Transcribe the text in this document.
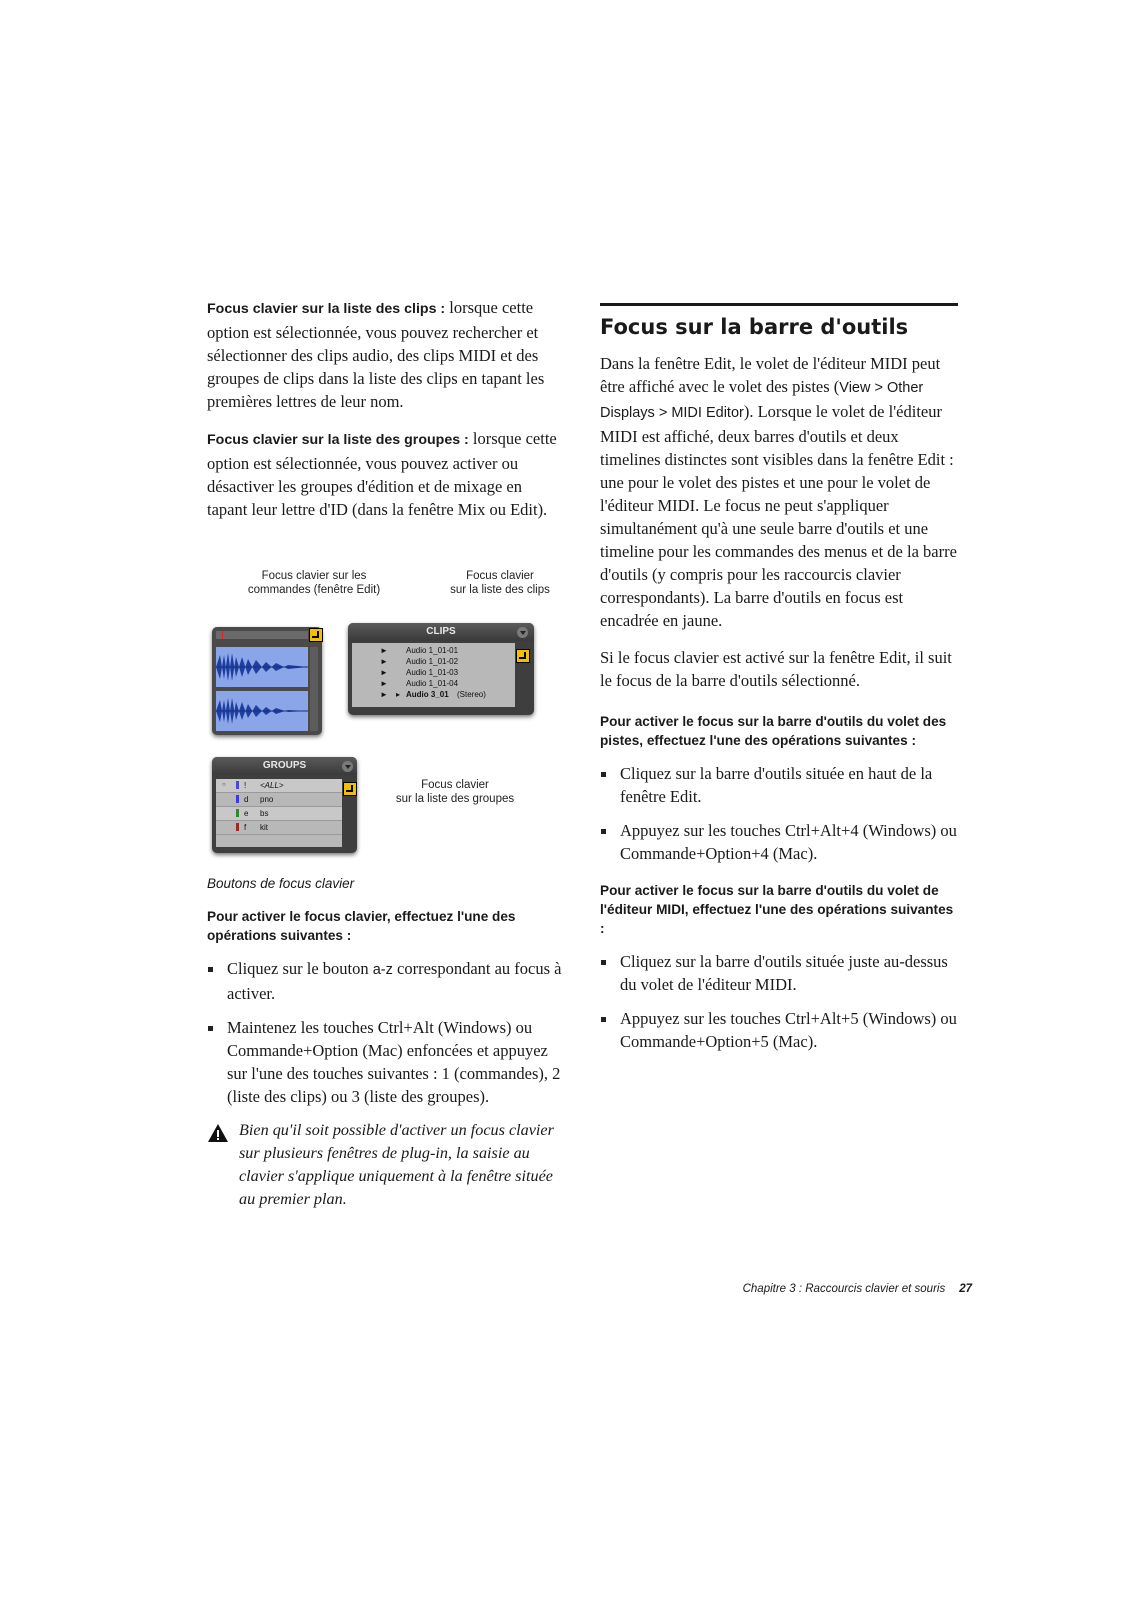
Focus clavier sur la liste des clips : lorsque cette option est sélectionnée, vous pouvez rechercher et sélectionner des clips audio, des clips MIDI et des groupes de clips dans la liste des clips en tapant les premières lettres de leur nom.

Focus clavier sur la liste des groupes : lorsque cette option est sélectionnée, vous pouvez activer ou désactiver les groupes d'édition et de mixage en tapant leur lettre d'ID (dans la fenêtre Mix ou Edit).

Focus clavier sur les
commandes (fenêtre Edit)
Focus clavier
sur la liste des clips
CLIPS
► Audio 1_01-01
► Audio 1_01-02
► Audio 1_01-03
► Audio 1_01-04
► ▸ Audio 3_01 (Stereo)
GROUPS
○ ! <ALL>
d pno
e bs
f kit
Focus clavier
sur la liste des groupes

Boutons de focus clavier

Pour activer le focus clavier, effectuez l'une des opérations suivantes :

Cliquez sur le bouton a-z correspondant au focus à activer.
Maintenez les touches Ctrl+Alt (Windows) ou Commande+Option (Mac) enfoncées et appuyez sur l'une des touches suivantes : 1 (commandes), 2 (liste des clips) ou 3 (liste des groupes).

Bien qu'il soit possible d'activer un focus clavier sur plusieurs fenêtres de plug-in, la saisie au clavier s'applique uniquement à la fenêtre située au premier plan.

Focus sur la barre d'outils

Dans la fenêtre Edit, le volet de l'éditeur MIDI peut être affiché avec le volet des pistes (View > Other Displays > MIDI Editor). Lorsque le volet de l'éditeur MIDI est affiché, deux barres d'outils et deux timelines distinctes sont visibles dans la fenêtre Edit : une pour le volet des pistes et une pour le volet de l'éditeur MIDI. Le focus ne peut s'appliquer simultanément qu'à une seule barre d'outils et une timeline pour les commandes des menus et de la barre d'outils (y compris pour les raccourcis clavier correspondants). La barre d'outils en focus est encadrée en jaune.

Si le focus clavier est activé sur la fenêtre Edit, il suit le focus de la barre d'outils sélectionné.

Pour activer le focus sur la barre d'outils du volet des pistes, effectuez l'une des opérations suivantes :

Cliquez sur la barre d'outils située en haut de la fenêtre Edit.
Appuyez sur les touches Ctrl+Alt+4 (Windows) ou Commande+Option+4 (Mac).

Pour activer le focus sur la barre d'outils du volet de l'éditeur MIDI, effectuez l'une des opérations suivantes :

Cliquez sur la barre d'outils située juste au-dessus du volet de l'éditeur MIDI.
Appuyez sur les touches Ctrl+Alt+5 (Windows) ou Commande+Option+5 (Mac).
Chapitre 3 : Raccourcis clavier et souris 27
